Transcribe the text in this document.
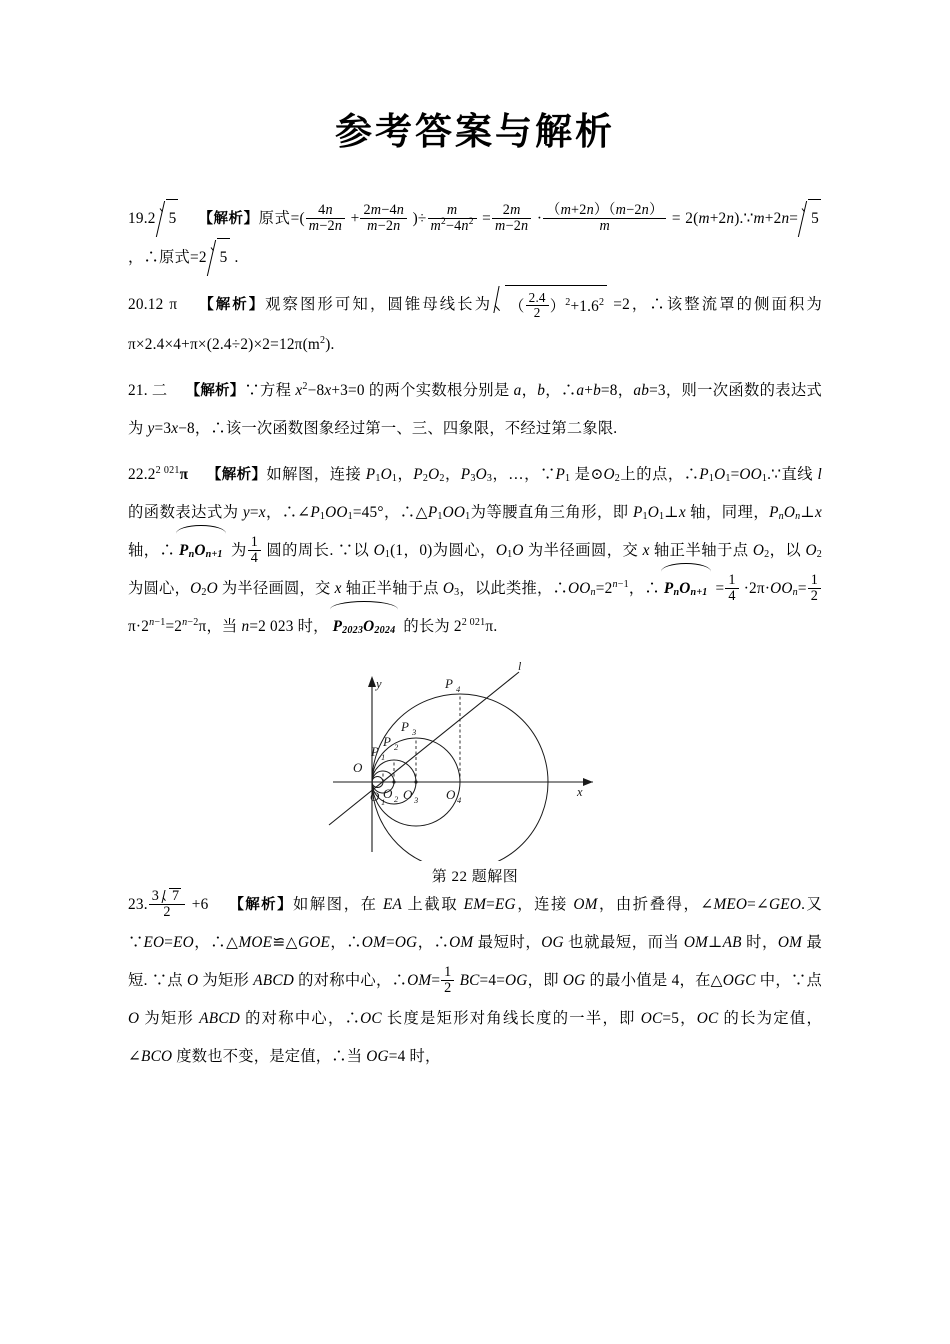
参考答案与解析
19.2 5 【解析】原式=( $\frac{4n}{m-2n} + \frac{2m-4n}{m-2n}$ )÷ $\frac{m}{m^2-4n^2} = \frac{2m}{m-2n} \cdot \frac{(m+2n)(m-2n)}{m}$ = 2(m+2n).∵m+2n= 5 ，∴原式=2 5 .
20.12 π 【解析】观察图形可知，圆锥母线长为 （ $\frac{2.4}{2} )^2+1.6^2 =2$，∴该整流罩的侧面积为$\pi\times 2.4\times 4+\pi\times(2.4\div 2)\times 2=12\pi(m^2)$.
21. 二 【解析】∵方程 $x^2-8x+3=0$ 的两个实数根分别是 a，b，∴a+b=8，ab=3，则一次函数的表达式为 y=3x−8，∴该一次函数图象经过第一、三、四象限，不经过第二象限.
$22.2^{2 021}\pi$ 【解析】如解图，连接 $P_1O_1$，$P_2O_2$，$P_3O_3$，…，$\because P_1$ 是$⊙O_2$上的点，$\therefore P_1O_1=OO_1.\because$直线 l 的函数表达式为 y=x，$\therefore\angle P_1OO_1=45^\circ$，$\therefore\triangle P_1OO_1$为等腰直角三角形，即 $P_1O_1\perp x$ 轴，同理，$P_nO_n\perp x$ 轴，∴ $P_nO_{n+1}$ 为 $\frac{1}{4}$ 圆的周长. ∵以 $O_1(1$，0)为圆心，$O_1O$ 为半径画圆，交 x 轴正半轴于点 $O_2$，以 $O_2$为圆心，$O_2O$ 为半径画圆，交 x 轴正半轴于点 $O_3$，以此类推，$\therefore OO_n=2^{n-1}$，∴ $P_nO_{n+1} = \frac{1}{4} \cdot 2\pi\cdot OO_n= \frac{1}{2}$
$\pi\cdot 2^{n-1}=2^{n-2}\pi$，当 n=2 023 时， $P_{2023}O_{2024}$ 的长为 $2^{2 021}\pi$.
l
y
x
O
P 4
P 3
P 2
P 1
O 1
O 2 O 3 O 4
第 22 题解图
23. $\frac{3 7}{2} +6$ 【解析】如解图，在 EA 上截取 EM=EG，连接 OM，由折叠得，∠MEO=∠GEO.又∵EO=EO，∴△MOE≌△GOE，∴OM=OG，∴OM 最短时，OG 也就最短，而当 OM⊥AB 时，OM 最短. ∵点 O 为矩形 ABCD 的对称中心，∴OM= $\frac{1}{2} BC=4=OG$，即 OG 的最小值是 4，在△OGC 中，∵点 O 为矩形 ABCD 的对称中心，∴OC 长度是矩形对角线长度的一半，即 OC=5，OC 的长为定值，∠BCO 度数也不变，是定值，∴当 OG=4 时，
